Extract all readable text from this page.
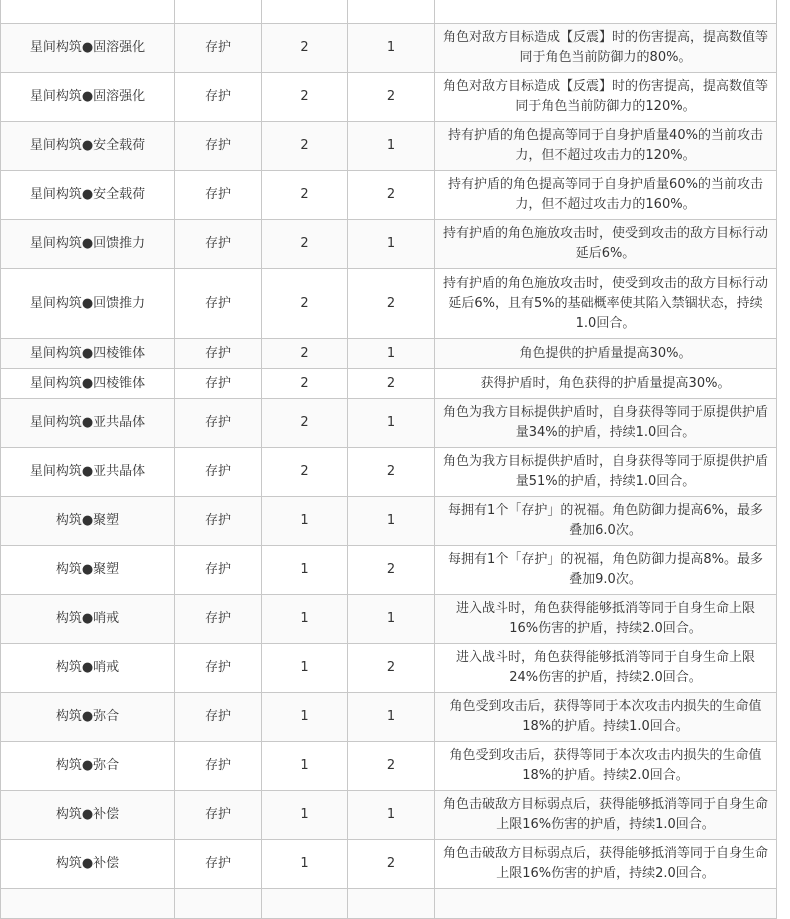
星间构筑●固溶强化	存护	2	1	角色对敌方目标造成【反震】时的伤害提高，提高数值等同于角色当前防御力的80%。
星间构筑●固溶强化	存护	2	2	角色对敌方目标造成【反震】时的伤害提高，提高数值等同于角色当前防御力的120%。
星间构筑●安全载荷	存护	2	1	持有护盾的角色提高等同于自身护盾量40%的当前攻击力，但不超过攻击力的120%。
星间构筑●安全载荷	存护	2	2	持有护盾的角色提高等同于自身护盾量60%的当前攻击力，但不超过攻击力的160%。
星间构筑●回馈推力	存护	2	1	持有护盾的角色施放攻击时，使受到攻击的敌方目标行动延后6%。
星间构筑●回馈推力	存护	2	2	持有护盾的角色施放攻击时，使受到攻击的敌方目标行动延后6%，且有5%的基础概率使其陷入禁锢状态，持续1.0回合。
星间构筑●四棱锥体	存护	2	1	角色提供的护盾量提高30%。
星间构筑●四棱锥体	存护	2	2	获得护盾时，角色获得的护盾量提高30%。
星间构筑●亚共晶体	存护	2	1	角色为我方目标提供护盾时，自身获得等同于原提供护盾量34%的护盾，持续1.0回合。
星间构筑●亚共晶体	存护	2	2	角色为我方目标提供护盾时，自身获得等同于原提供护盾量51%的护盾，持续1.0回合。
构筑●聚塑	存护	1	1	每拥有1个「存护」的祝福。角色防御力提高6%，最多叠加6.0次。
构筑●聚塑	存护	1	2	每拥有1个「存护」的祝福，角色防御力提高8%。最多叠加9.0次。
构筑●哨戒	存护	1	1	进入战斗时，角色获得能够抵消等同于自身生命上限16%伤害的护盾，持续2.0回合。
构筑●哨戒	存护	1	2	进入战斗时，角色获得能够抵消等同于自身生命上限24%伤害的护盾，持续2.0回合。
构筑●弥合	存护	1	1	角色受到攻击后，获得等同于本次攻击内损失的生命值18%的护盾。持续1.0回合。
构筑●弥合	存护	1	2	角色受到攻击后，获得等同于本次攻击内损失的生命值18%的护盾。持续2.0回合。
构筑●补偿	存护	1	1	角色击破敌方目标弱点后，获得能够抵消等同于自身生命上限16%伤害的护盾，持续1.0回合。
构筑●补偿	存护	1	2	角色击破敌方目标弱点后，获得能够抵消等同于自身生命上限16%伤害的护盾，持续2.0回合。
